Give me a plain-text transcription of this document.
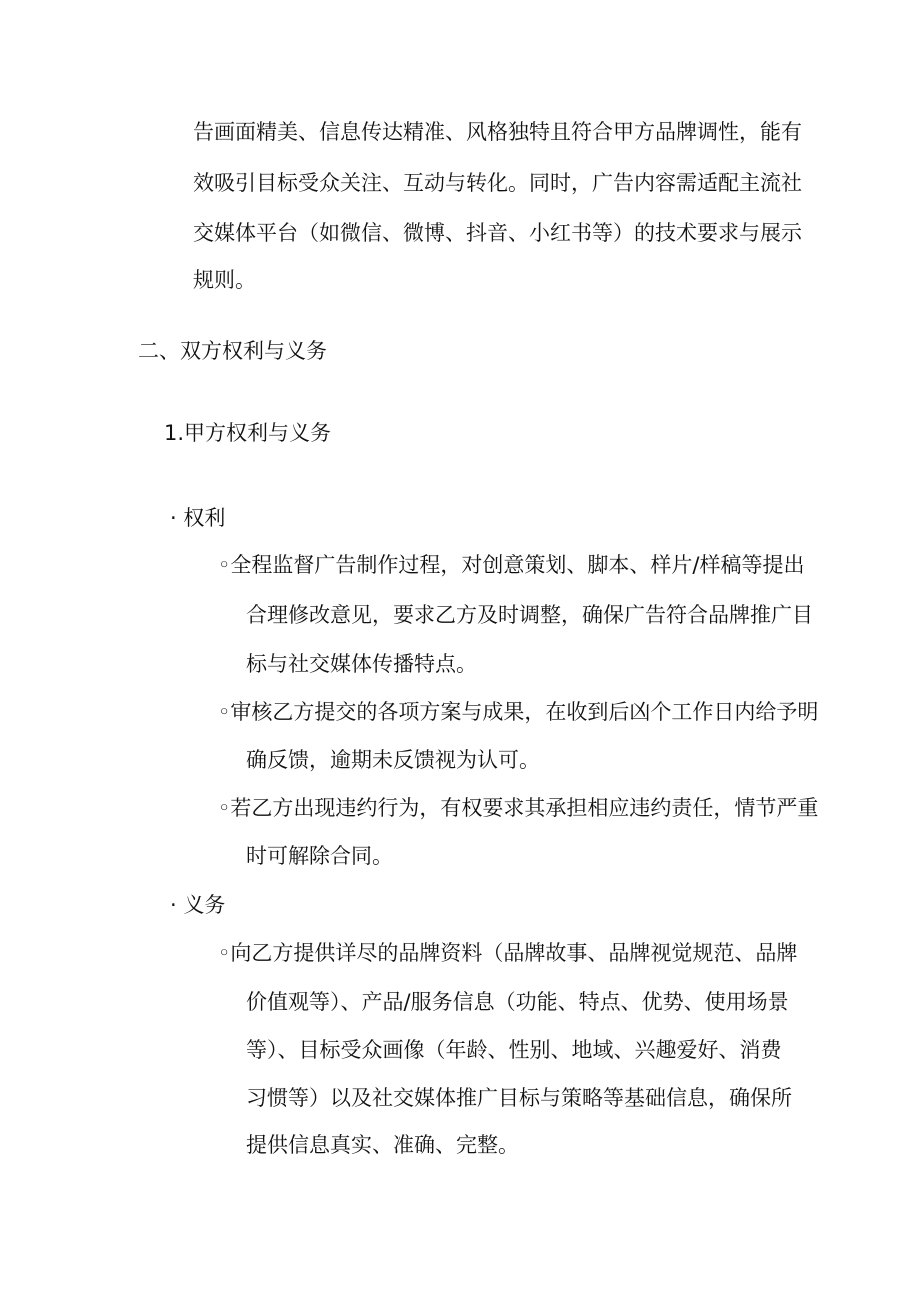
告画面精美、信息传达精准、风格独特且符合甲方品牌调性，能有
效吸引目标受众关注、互动与转化。同时，广告内容需适配主流社
交媒体平台（如微信、微博、抖音、小红书等）的技术要求与展示
规则。
二、双方权利与义务
1.甲方权利与义务
· 权利
◦全程监督广告制作过程，对创意策划、脚本、样片/样稿等提出
合理修改意见，要求乙方及时调整，确保广告符合品牌推广目
标与社交媒体传播特点。
◦审核乙方提交的各项方案与成果，在收到后凶个工作日内给予明
确反馈，逾期未反馈视为认可。
◦若乙方出现违约行为，有权要求其承担相应违约责任，情节严重
时可解除合同。
· 义务
◦向乙方提供详尽的品牌资料（品牌故事、品牌视觉规范、品牌
价值观等）、产品/服务信息（功能、特点、优势、使用场景
等）、目标受众画像（年龄、性别、地域、兴趣爱好、消费
习惯等）以及社交媒体推广目标与策略等基础信息，确保所
提供信息真实、准确、完整。
